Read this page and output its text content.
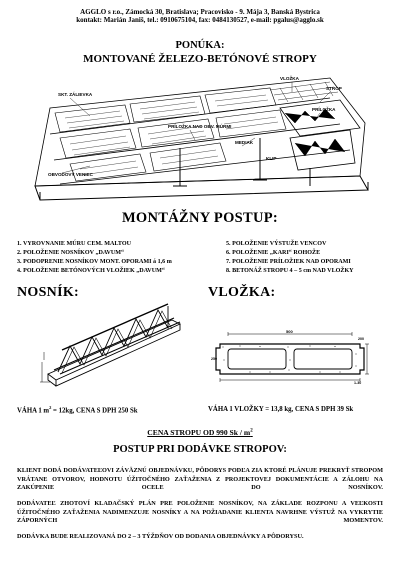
AGGLO s r.o., Zámocká 30, Bratislava; Pracovisko - 9. Mája 3, Banská Bystrica
kontakt: Marián Janiš, tel.: 0910675104, fax: 0484130527, e-mail: pgalus@agglo.sk
PONÚKA:
MONTOVANÉ ŽELEZO-BETÓNOVÉ STROPY
SKT. ZÁLIEVKA
OBVODOVÝ VENIEC
PRÍLOŽKA NAD OBV. MÚRMI
MEDIAK
VLOŽKA
PRÍLOŽKA
STROP
KLIP
MONTÁŽNY POSTUP:
1. VYROVNANIE MÚRU CEM. MALTOU
2. POLOŽENIE NOSNÍKOV „DAVUM“
3. PODOPRENIE NOSNÍKOV MONT. OPORAMI á 1,6 m
4. POLOŽENIE BETÓNOVÝCH VLOŽIEK „DAVUM“
5. POLOŽENIE VÝSTUŽE VENCOV
6. POLOŽENIE „KARI“ ROHOŽE
7. POLOŽENIE PRÍLOŽIEK NAD OPORAMI
8. BETONÁŽ STROPU 4 – 5 cm NAD VLOŽKY
NOSNÍK:	VLOŽKA:
500
250
200
1-30
VÁHA 1 $m^2 = 12kg$, CENA S DPH 250 Sk	VÁHA 1 VLOŽKY = 13,8 kg, CENA S DPH 39 Sk
CENA STROPU OD 990 Sk / $m^2$
POSTUP PRI DODÁVKE STROPOV:
KLIENT DODÁ DODÁVATEĽOVI ZÁVÄZNÚ OBJEDNÁVKU, PÔDORYS PODĽA ZIA KTORÉ PLÁNUJE PREKRYŤ STROPOM VRÁTANE OTVOROV, HODNOTU ÚŽITOČNÉHO ZAŤAŽENIA Z PROJEKTOVEJ DOKUMENTÁCIE A ZÁLOHU NA ZAKÚPENIE OCELE DO NOSNÍKOV.
DODÁVATEĽ ZHOTOVÍ KLADAČSKÝ PLÁN PRE POLOŽENIE NOSNÍKOV, NA ZÁKLADE ROZPONU A VEĽKOSTI ÚŽITOČNÉHO ZAŤAŽENIA NADIMENZUJE NOSNÍKY A NA POŽIADANIE KLIENTA NAVRHNE VÝSTUŽ NA VYKRYTIE ZÁPORNÝCH MOMENTOV.
DODÁVKA BUDE REALIZOVANÁ DO 2 – 3 TÝŽDŇOV OD DODANIA OBJEDNÁVKY A PÔDORYSU.
